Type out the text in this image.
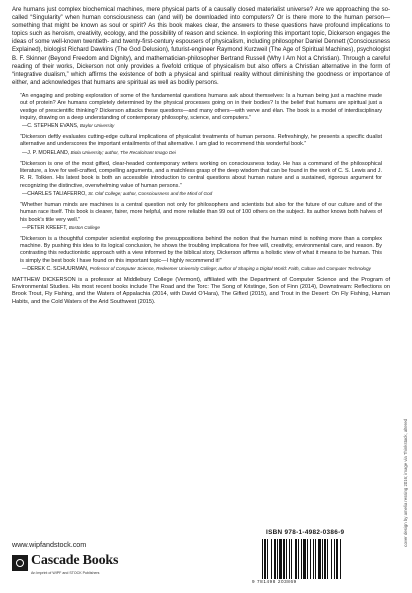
Are humans just complex biochemical machines, mere physical parts of a causally closed materialist universe? Are we approaching the so-called “Singularity” when human consciousness can (and will) be downloaded into computers? Or is there more to the human person—something that might be known as soul or spirit? As this book makes clear, the answers to these questions have profound implications to topics such as heroism, creativity, ecology, and the possibility of reason and science. In exploring this important topic, Dickerson engages the ideas of some well-known twentieth- and twenty-first-century espousers of physicalism, including philosopher Daniel Dennett (Consciousness Explained), biologist Richard Dawkins (The God Delusion), futurist-engineer Raymond Kurzweil (The Age of Spiritual Machines), psychologist B. F. Skinner (Beyond Freedom and Dignity), and mathematician-philosopher Bertrand Russell (Why I Am Not a Christian). Through a careful reading of their works, Dickerson not only provides a fivefold critique of physicalism but also offers a Christian alternative in the form of “integrative dualism,” which affirms the existence of both a physical and spiritual reality without diminishing the goodness or importance of either, and acknowledges that humans are spiritual as well as bodily persons.

“An engaging and probing exploration of some of the fundamental questions humans ask about themselves: Is a human being just a machine made out of protein? Are humans completely determined by the physical processes going on in their bodies? Is the belief that humans are spiritual just a vestige of prescientific thinking? Dickerson attacks these questions—and many others—with verve and élan. The book is a model of interdisciplinary inquiry, drawing on a deep understanding of contemporary philosophy, science, and computers.”

—C. STEPHEN EVANS, Baylor University

“Dickerson deftly evaluates cutting-edge cultural implications of physicalist treatments of human persons. Refreshingly, he presents a specific dualist alternative and underscores the important entailments of that alternative. I am glad to recommend this wonderful book.”

—J. P. MORELAND, Biola University; author, The Recalcitrant Imago Dei

“Dickerson is one of the most gifted, clear-headed contemporary writers working on consciousness today. He has a command of the philosophical literature, a love for well-crafted, compelling arguments, and a matchless grasp of the deep wisdom that can be found in the work of C. S. Lewis and J. R. R. Tolkien. His latest book is both an accessible introduction to central questions about human nature and a sustained, rigorous argument for recognizing the distinctive, overwhelming value of human persons.”

—CHARLES TALIAFERRO, St. Olaf College; author, Consciousness and the Mind of God

“Whether human minds are machines is a central question not only for philosophers and scientists but also for the future of our culture and of the human race itself. This book is clearer, fairer, more helpful, and more reliable than 99 out of 100 others on the subject. Its author knows both halves of his book’s title very well.”

—PETER KREEFT, Boston College

“Dickerson is a thoughtful computer scientist exploring the presuppositions behind the notion that the human mind is nothing more than a complex machine. By pushing this idea to its logical conclusion, he shows the troubling implications for free will, creativity, environmental care, and reason. By contrasting this reductionistic approach with a view informed by the biblical story, Dickerson affirms a holistic view of what it means to be human. This is simply the best book I have found on this important topic—I highly recommend it!”

—DEREK C. SCHUURMAN, Professor of Computer Science, Redeemer University College; author of Shaping a Digital World: Faith, Culture and Computer Technology

MATTHEW DICKERSON is a professor at Middlebury College (Vermont), affiliated with the Department of Computer Science and the Program of Environmental Studies. His most recent books include The Road and the Torc: The Song of Kristinge, Son of Finn (2014), Downstream: Reflections on Brook Trout, Fly Fishing, and the Waters of Appalachia (2014, with David O’Hara), The Gifted (2015), and Trout in the Desert: On Fly Fishing, Human Habits, and the Cold Waters of the Arid Southwest (2015).

cover design by amelia ressing 2016; image via Thinkstock, altered
www.wipfandstock.com
Cascade Books
An Imprint of WIPF and STOCK Publishers
ISBN 978-1-4982-0386-9
9 781498 203869
